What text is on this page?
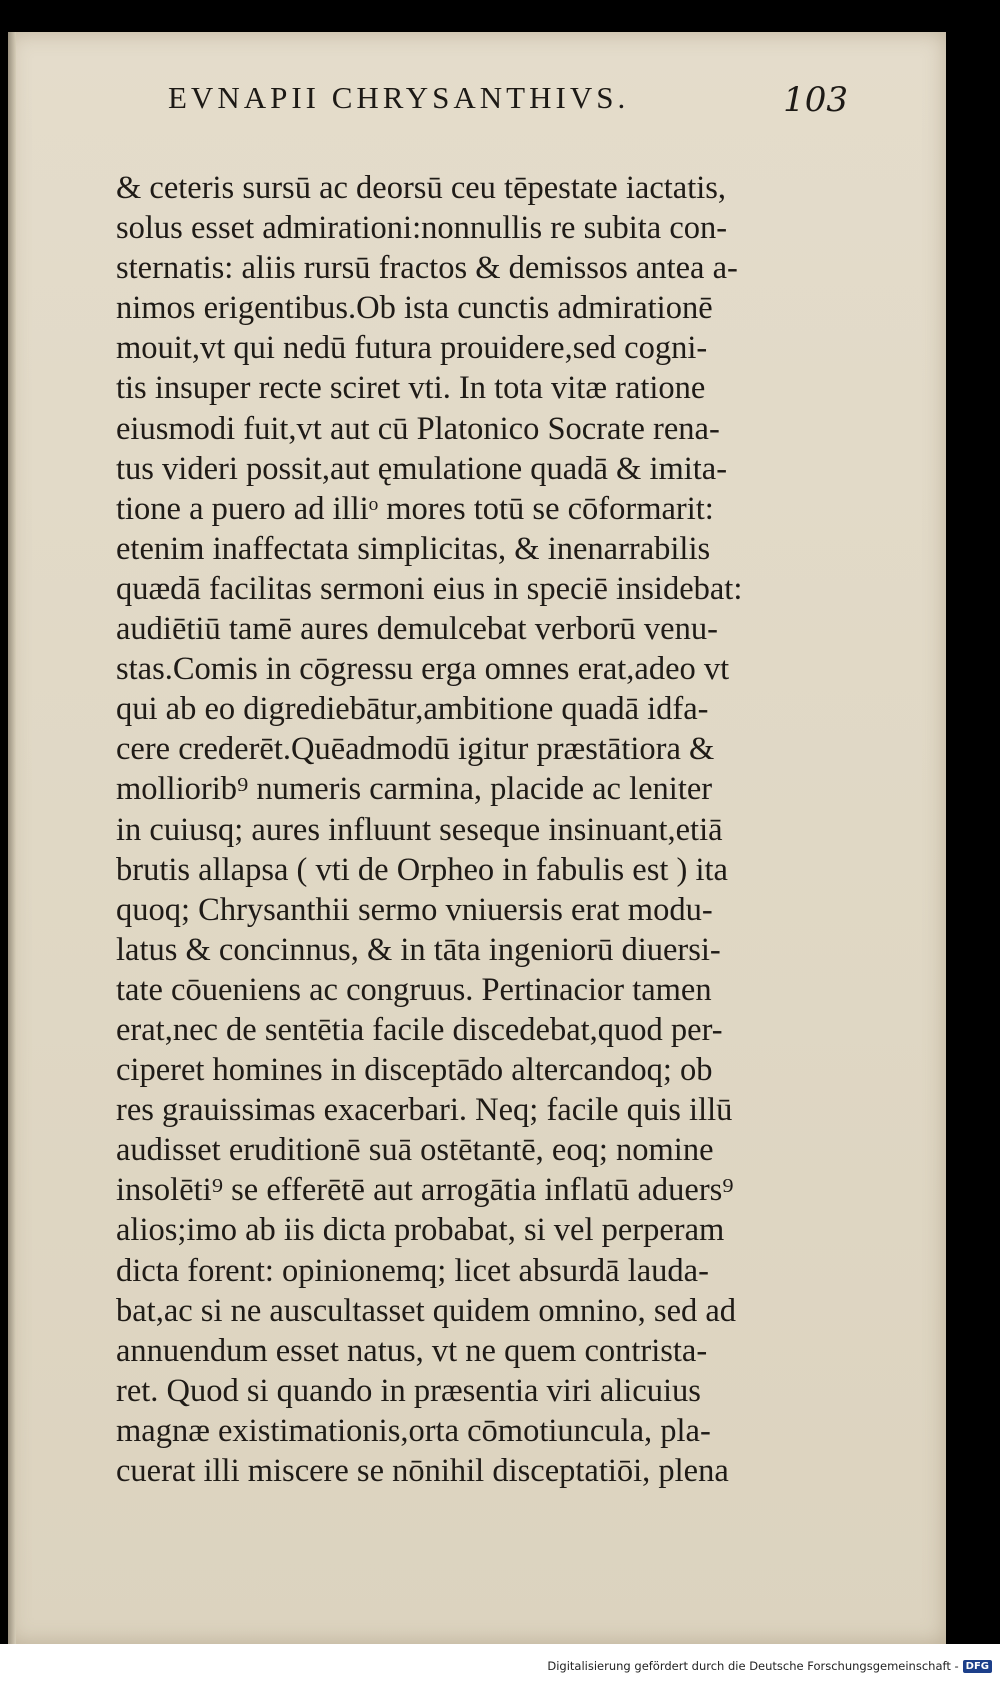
EVNAPII CHRYSANTHIVS.	103
& ceteris sursū ac deorsū ceu tēpestate iactatis,
solus esset admirationi:nonnullis re subita con-
sternatis: aliis rursū fractos & demissos antea a-
nimos erigentibus.Ob ista cunctis admirationē
mouit,vt qui nedū futura prouidere,sed cogni-
tis insuper recte sciret vti. In tota vitæ ratione
eiusmodi fuit,vt aut cū Platonico Socrate rena-
tus videri possit,aut ęmulatione quadā & imita-
tione a puero ad illiᵒ mores totū se cōformarit:
etenim inaffectata simplicitas, & inenarrabilis
quædā facilitas sermoni eius in speciē insidebat:
audiētiū tamē aures demulcebat verborū venu-
stas.Comis in cōgressu erga omnes erat,adeo vt
qui ab eo digrediebātur,ambitione quadā idfa-
cere crederēt.Quēadmodū igitur præstātiora &
molliorib⁹ numeris carmina, placide ac leniter
in cuiusq; aures influunt seseque insinuant,etiā
brutis allapsa ( vti de Orpheo in fabulis est ) ita
quoq; Chrysanthii sermo vniuersis erat modu-
latus & concinnus, & in tāta ingeniorū diuersi-
tate cōueniens ac congruus. Pertinacior tamen
erat,nec de sentētia facile discedebat,quod per-
ciperet homines in disceptādo altercandoq; ob
res grauissimas exacerbari. Neq; facile quis illū
audisset eruditionē suā ostētantē, eoq; nomine
insolēti⁹ se efferētē aut arrogātia inflatū aduers⁹
alios;imo ab iis dicta probabat, si vel perperam
dicta forent: opinionemq; licet absurdā lauda-
bat,ac si ne auscultasset quidem omnino, sed ad
annuendum esset natus, vt ne quem contrista-
ret. Quod si quando in præsentia viri alicuius
magnæ existimationis,orta cōmotiuncula, pla-
cuerat illi miscere se nōnihil disceptatiōi, plena
Digitalisierung gefördert durch die Deutsche Forschungsgemeinschaft - DFG
